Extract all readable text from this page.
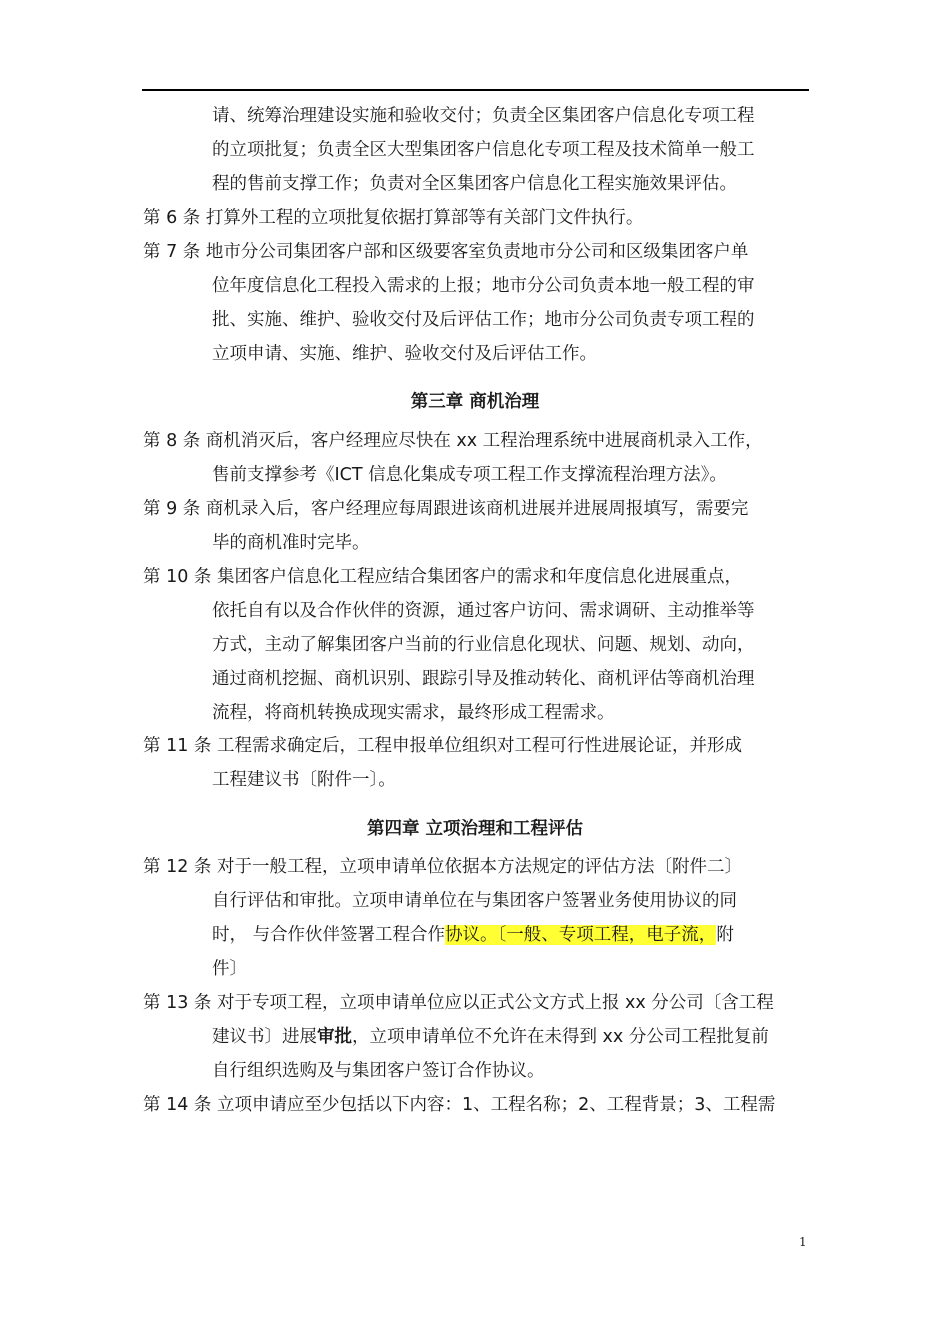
请、统筹治理建设实施和验收交付；负责全区集团客户信息化专项工程

的立项批复；负责全区大型集团客户信息化专项工程及技术简单一般工

程的售前支撑工作；负责对全区集团客户信息化工程实施效果评估。

第 6 条 打算外工程的立项批复依据打算部等有关部门文件执行。

第 7 条 地市分公司集团客户部和区级要客室负责地市分公司和区级集团客户单

位年度信息化工程投入需求的上报；地市分公司负责本地一般工程的审

批、实施、维护、验收交付及后评估工作；地市分公司负责专项工程的

立项申请、实施、维护、验收交付及后评估工作。

第三章 商机治理

第 8 条 商机消灭后，客户经理应尽快在 xx 工程治理系统中进展商机录入工作，

售前支撑参考《ICT 信息化集成专项工程工作支撑流程治理方法》。

第 9 条 商机录入后，客户经理应每周跟进该商机进展并进展周报填写，需要完

毕的商机准时完毕。

第 10 条 集团客户信息化工程应结合集团客户的需求和年度信息化进展重点，

依托自有以及合作伙伴的资源，通过客户访问、需求调研、主动推举等

方式，主动了解集团客户当前的行业信息化现状、问题、规划、动向，

通过商机挖掘、商机识别、跟踪引导及推动转化、商机评估等商机治理

流程，将商机转换成现实需求，最终形成工程需求。

第 11 条 工程需求确定后，工程申报单位组织对工程可行性进展论证，并形成

工程建议书〔附件一〕。

第四章 立项治理和工程评估

第 12 条 对于一般工程，立项申请单位依据本方法规定的评估方法〔附件二〕

自行评估和审批。立项申请单位在与集团客户签署业务使用协议的同

时， 与合作伙伴签署工程合作协议。〔一般、专项工程，电子流，附

件〕

第 13 条 对于专项工程，立项申请单位应以正式公文方式上报 xx 分公司〔含工程

建议书〕进展审批，立项申请单位不允许在未得到 xx 分公司工程批复前

自行组织选购及与集团客户签订合作协议。

第 14 条 立项申请应至少包括以下内容：1、工程名称；2、工程背景；3、工程需

1
